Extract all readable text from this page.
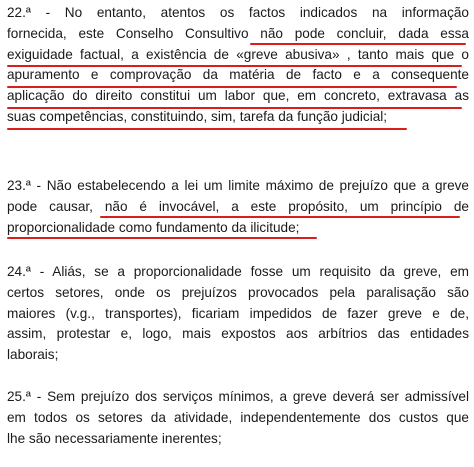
22.ª - No entanto, atentos os factos indicados na informação
fornecida, este Conselho Consultivo não pode concluir, dada essa
exiguidade factual, a existência de «greve abusiva» , tanto mais que o
apuramento e comprovação da matéria de facto e a consequente
aplicação do direito constitui um labor que, em concreto, extravasa as
suas competências, constituindo, sim, tarefa da função judicial;
23.ª - Não estabelecendo a lei um limite máximo de prejuízo que a greve
pode causar, não é invocável, a este propósito, um princípio de
proporcionalidade como fundamento da ilicitude;
24.ª - Aliás, se a proporcionalidade fosse um requisito da greve, em
certos setores, onde os prejuízos provocados pela paralisação são
maiores (v.g., transportes), ficariam impedidos de fazer greve e de,
assim, protestar e, logo, mais expostos aos arbítrios das entidades
laborais;
25.ª - Sem prejuízo dos serviços mínimos, a greve deverá ser admissível
em todos os setores da atividade, independentemente dos custos que
lhe são necessariamente inerentes;
